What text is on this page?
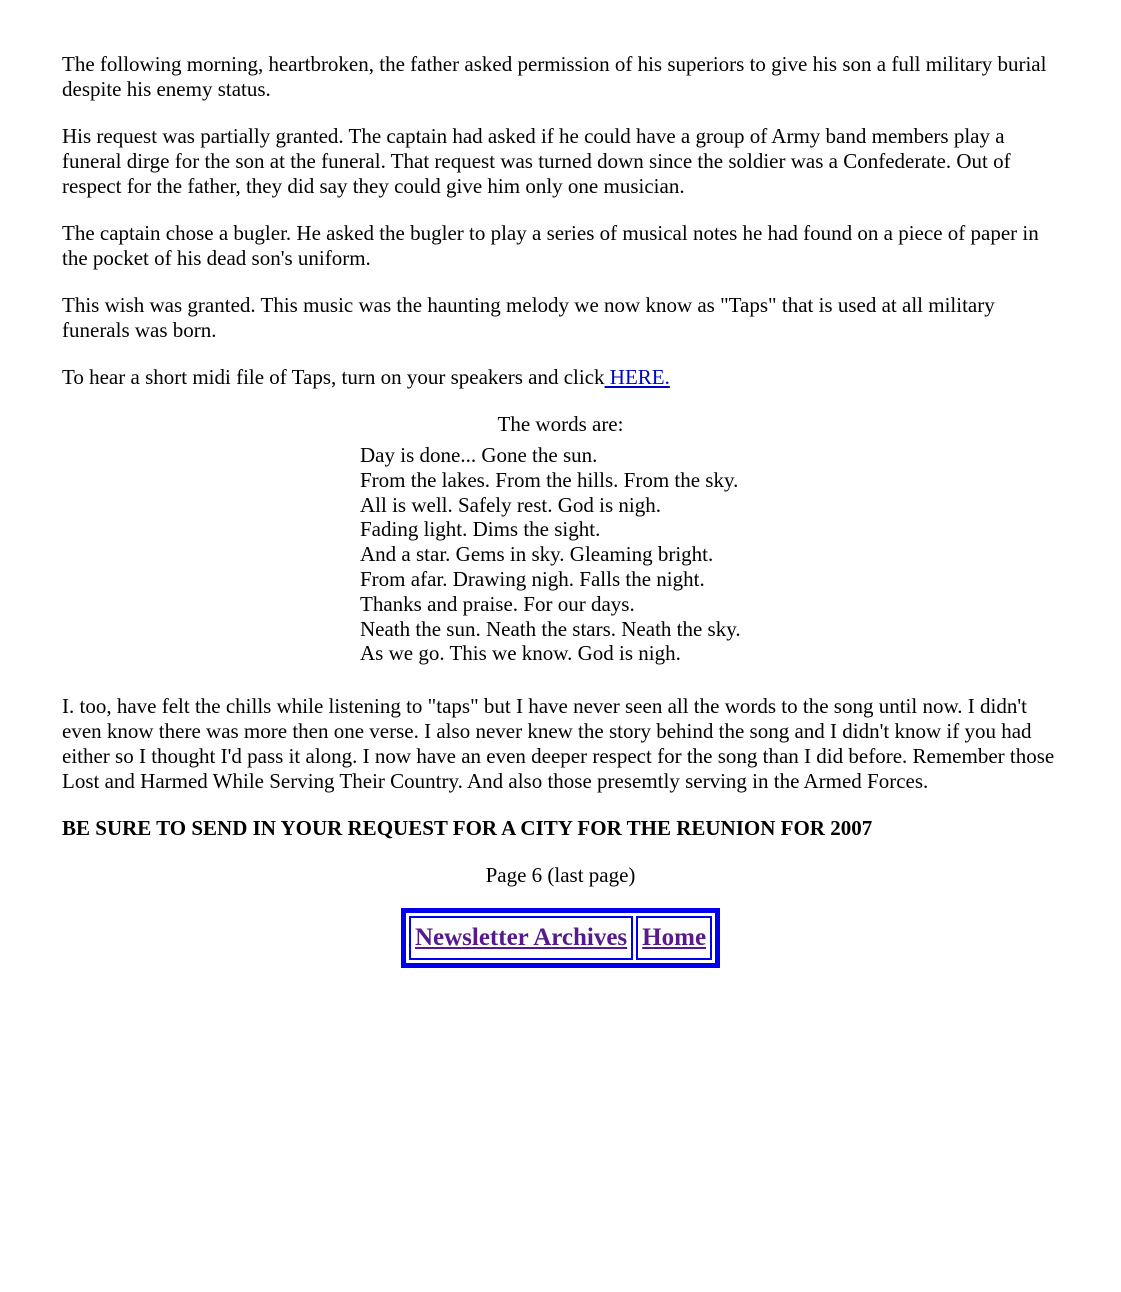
The following morning, heartbroken, the father asked permission of his superiors to give his son a full military burial despite his enemy status.

His request was partially granted. The captain had asked if he could have a group of Army band members play a funeral dirge for the son at the funeral. That request was turned down since the soldier was a Confederate. Out of respect for the father, they did say they could give him only one musician.

The captain chose a bugler. He asked the bugler to play a series of musical notes he had found on a piece of paper in the pocket of his dead son's uniform.

This wish was granted. This music was the haunting melody we now know as "Taps" that is used at all military funerals was born.

To hear a short midi file of Taps, turn on your speakers and click HERE.

The words are:
Day is done... Gone the sun.
From the lakes. From the hills. From the sky.
All is well. Safely rest. God is nigh.
Fading light. Dims the sight.
And a star. Gems in sky. Gleaming bright.
From afar. Drawing nigh. Falls the night.
Thanks and praise. For our days.
Neath the sun. Neath the stars. Neath the sky.
As we go. This we know. God is nigh.

I. too, have felt the chills while listening to "taps" but I have never seen all the words to the song until now. I didn't even know there was more then one verse. I also never knew the story behind the song and I didn't know if you had either so I thought I'd pass it along. I now have an even deeper respect for the song than I did before. Remember those Lost and Harmed While Serving Their Country. And also those presemtly serving in the Armed Forces.

BE SURE TO SEND IN YOUR REQUEST FOR A CITY FOR THE REUNION FOR 2007
Page 6 (last page)
Newsletter Archives	Home
